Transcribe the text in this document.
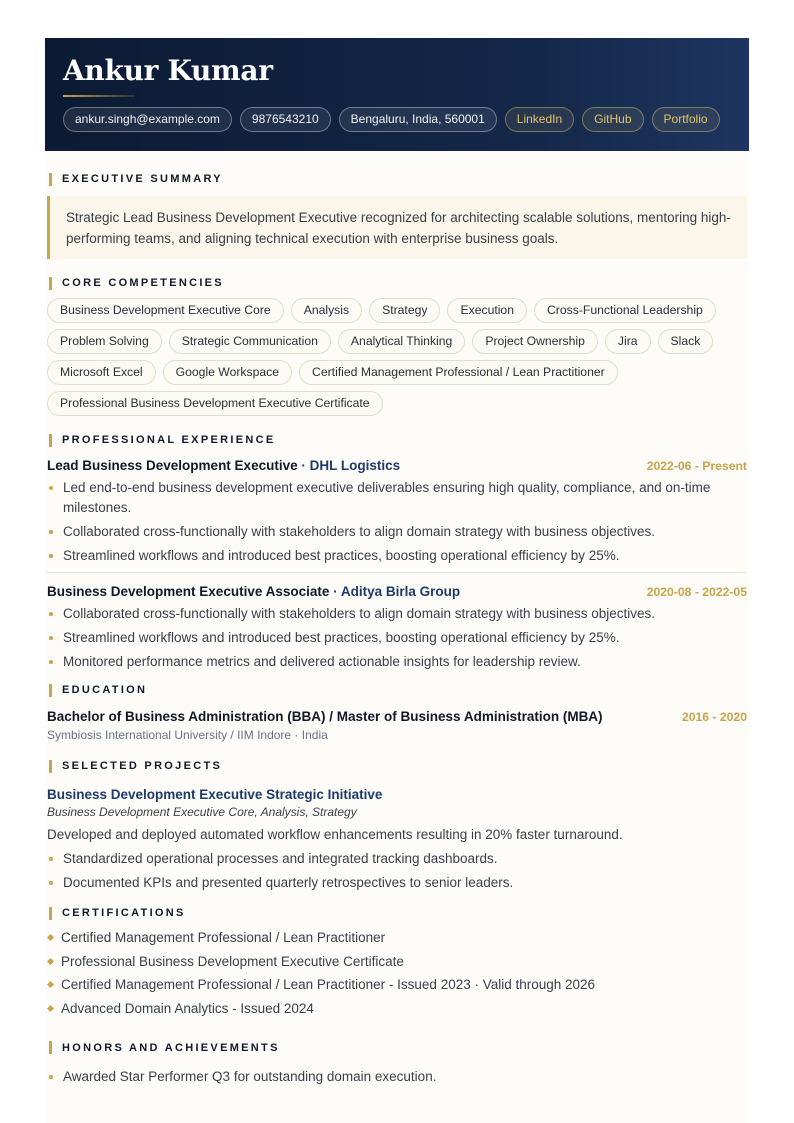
Ankur Kumar
ankur.singh@example.com	9876543210	Bengaluru, India, 560001	LinkedIn	GitHub	Portfolio
EXECUTIVE SUMMARY
Strategic Lead Business Development Executive recognized for architecting scalable solutions, mentoring high-performing teams, and aligning technical execution with enterprise business goals.
CORE COMPETENCIES
Business Development Executive Core	Analysis	Strategy	Execution	Cross-Functional Leadership
Problem Solving	Strategic Communication	Analytical Thinking	Project Ownership	Jira	Slack
Microsoft Excel	Google Workspace	Certified Management Professional / Lean Practitioner
Professional Business Development Executive Certificate
PROFESSIONAL EXPERIENCE
Lead Business Development Executive · DHL Logistics	2022-06 - Present
Led end-to-end business development executive deliverables ensuring high quality, compliance, and on-time milestones.
Collaborated cross-functionally with stakeholders to align domain strategy with business objectives.
Streamlined workflows and introduced best practices, boosting operational efficiency by 25%.
Business Development Executive Associate · Aditya Birla Group	2020-08 - 2022-05
Collaborated cross-functionally with stakeholders to align domain strategy with business objectives.
Streamlined workflows and introduced best practices, boosting operational efficiency by 25%.
Monitored performance metrics and delivered actionable insights for leadership review.
EDUCATION
Bachelor of Business Administration (BBA) / Master of Business Administration (MBA)	2016 - 2020
Symbiosis International University / IIM Indore · India
SELECTED PROJECTS
Business Development Executive Strategic Initiative
Business Development Executive Core, Analysis, Strategy
Developed and deployed automated workflow enhancements resulting in 20% faster turnaround.
Standardized operational processes and integrated tracking dashboards.
Documented KPIs and presented quarterly retrospectives to senior leaders.
CERTIFICATIONS
Certified Management Professional / Lean Practitioner
Professional Business Development Executive Certificate
Certified Management Professional / Lean Practitioner - Issued 2023 · Valid through 2026
Advanced Domain Analytics - Issued 2024
HONORS AND ACHIEVEMENTS
Awarded Star Performer Q3 for outstanding domain execution.
